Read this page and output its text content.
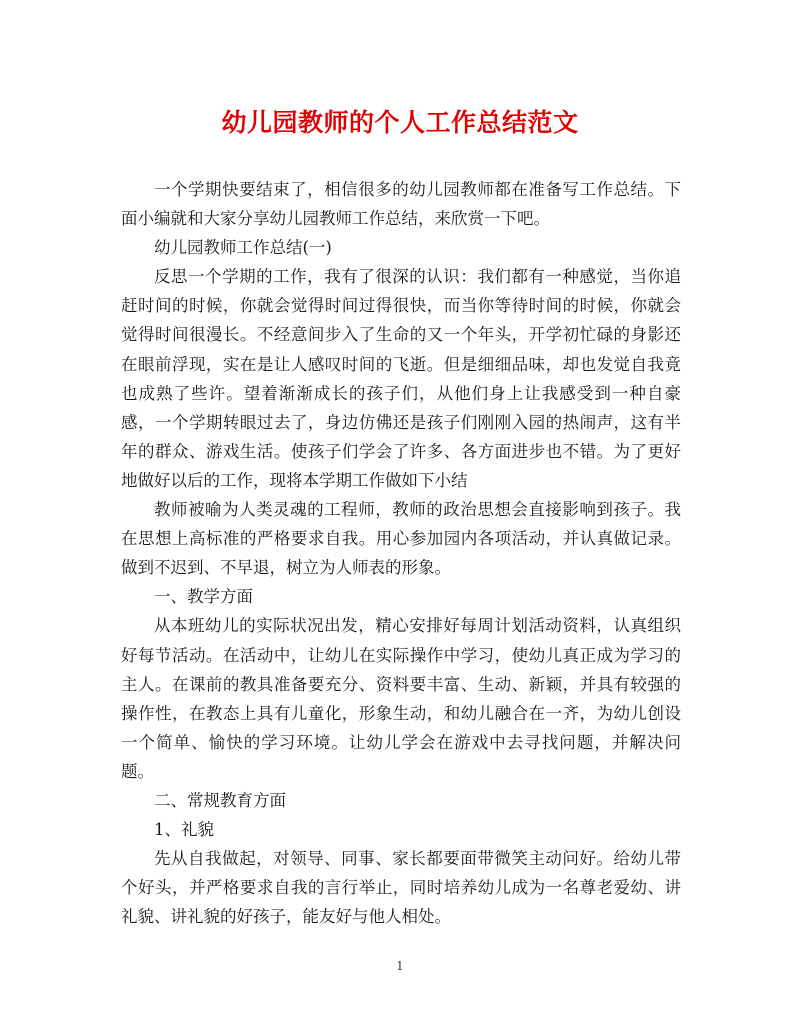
幼儿园教师的个人工作总结范文

一个学期快要结束了，相信很多的幼儿园教师都在准备写工作总结。下面小编就和大家分享幼儿园教师工作总结，来欣赏一下吧。

幼儿园教师工作总结(一)

反思一个学期的工作，我有了很深的认识：我们都有一种感觉，当你追赶时间的时候，你就会觉得时间过得很快，而当你等待时间的时候，你就会觉得时间很漫长。不经意间步入了生命的又一个年头，开学初忙碌的身影还在眼前浮现，实在是让人感叹时间的飞逝。但是细细品味，却也发觉自我竟也成熟了些许。望着渐渐成长的孩子们，从他们身上让我感受到一种自豪感，一个学期转眼过去了，身边仿佛还是孩子们刚刚入园的热闹声，这有半年的群众、游戏生活。使孩子们学会了许多、各方面进步也不错。为了更好地做好以后的工作，现将本学期工作做如下小结

教师被喻为人类灵魂的工程师，教师的政治思想会直接影响到孩子。我在思想上高标准的严格要求自我。用心参加园内各项活动，并认真做记录。做到不迟到、不早退，树立为人师表的形象。

一、教学方面

从本班幼儿的实际状况出发，精心安排好每周计划活动资料，认真组织好每节活动。在活动中，让幼儿在实际操作中学习，使幼儿真正成为学习的主人。在课前的教具准备要充分、资料要丰富、生动、新颖，并具有较强的操作性，在教态上具有儿童化，形象生动，和幼儿融合在一齐，为幼儿创设一个简单、愉快的学习环境。让幼儿学会在游戏中去寻找问题，并解决问题。

二、常规教育方面

1、礼貌

先从自我做起，对领导、同事、家长都要面带微笑主动问好。给幼儿带个好头，并严格要求自我的言行举止，同时培养幼儿成为一名尊老爱幼、讲礼貌、讲礼貌的好孩子，能友好与他人相处。

1
